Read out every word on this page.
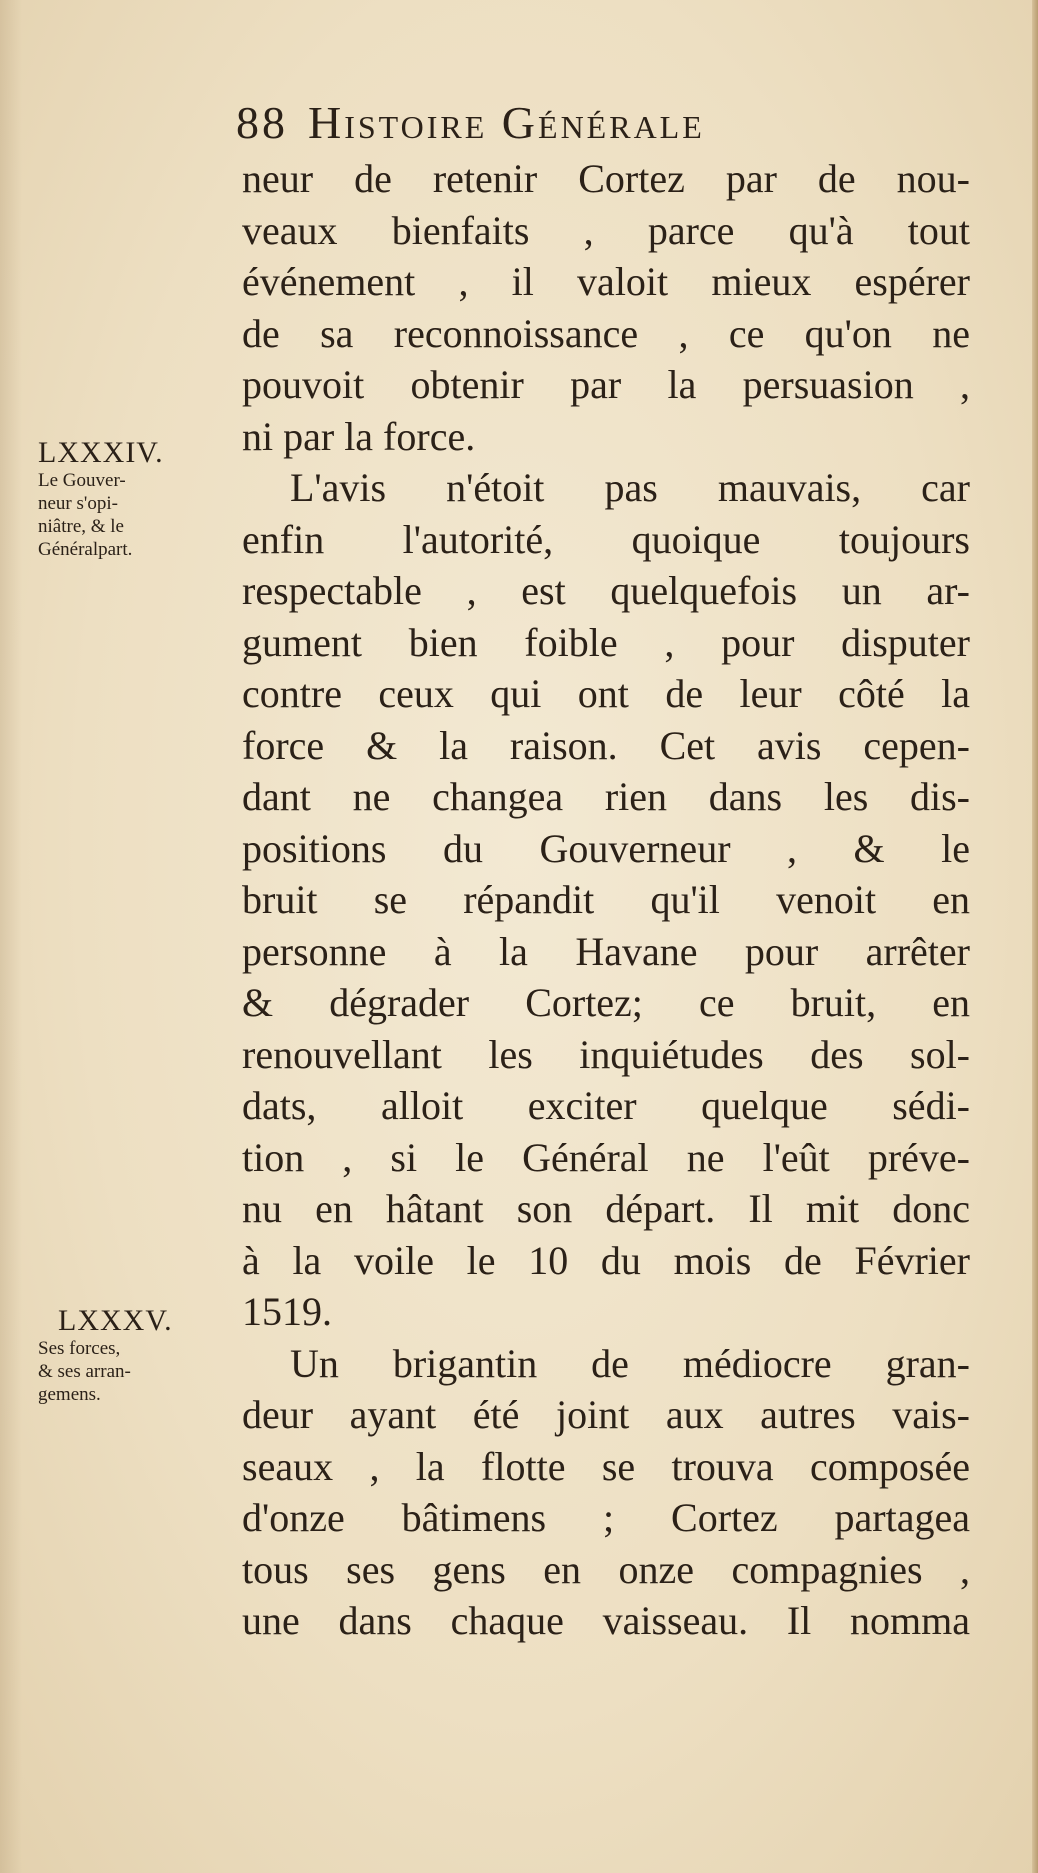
88 Histoire Générale
neur de retenir Cortez par de nou-
veaux bienfaits , parce qu'à tout
événement , il valoit mieux espérer
de sa reconnoissance , ce qu'on ne
pouvoit obtenir par la persuasion ,
ni par la force.
L'avis n'étoit pas mauvais, car
enfin l'autorité, quoique toujours
respectable , est quelquefois un ar-
gument bien foible , pour disputer
contre ceux qui ont de leur côté la
force & la raison. Cet avis cepen-
dant ne changea rien dans les dis-
positions du Gouverneur , & le
bruit se répandit qu'il venoit en
personne à la Havane pour arrêter
& dégrader Cortez; ce bruit, en
renouvellant les inquiétudes des sol-
dats, alloit exciter quelque sédi-
tion , si le Général ne l'eût préve-
nu en hâtant son départ. Il mit donc
à la voile le 10 du mois de Février
1519.
Un brigantin de médiocre gran-
deur ayant été joint aux autres vais-
seaux , la flotte se trouva composée
d'onze bâtimens ; Cortez partagea
tous ses gens en onze compagnies ,
une dans chaque vaisseau. Il nomma
LXXXIV.
Le Gouver-
neur s'opi-
niâtre, & le
Généralpart.
LXXXV.
Ses forces,
& ses arran-
gemens.
